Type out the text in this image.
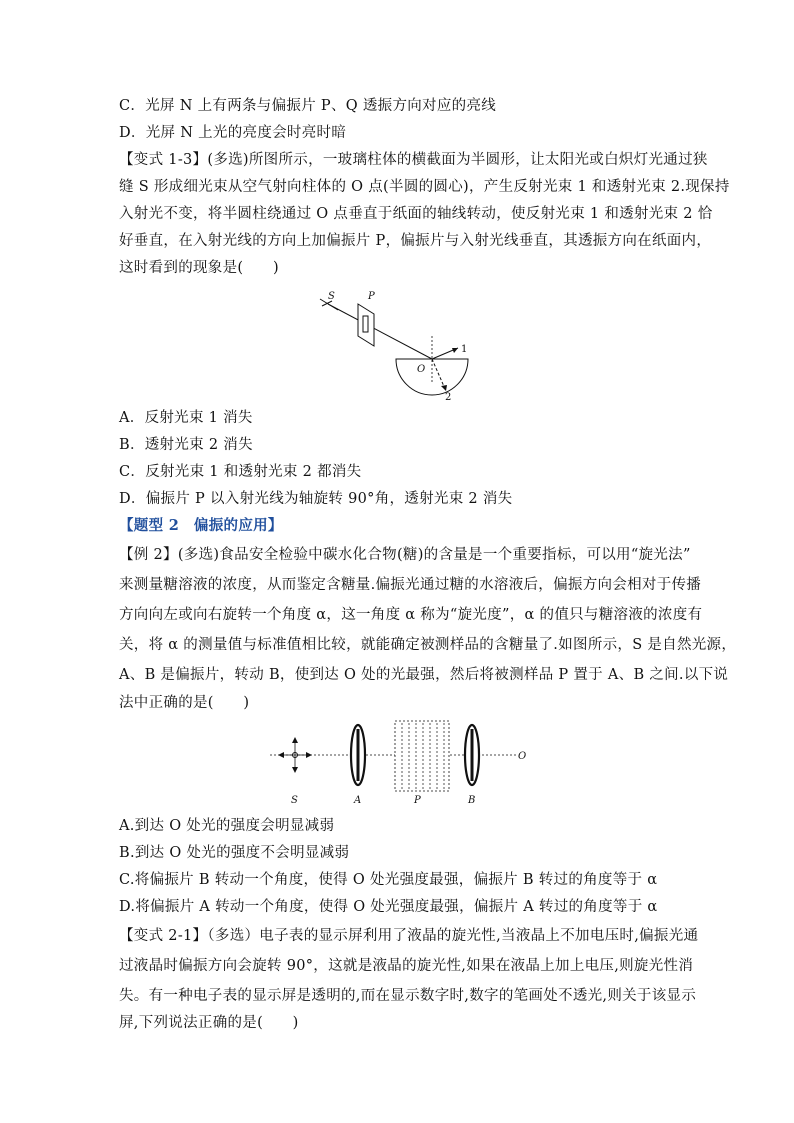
C．光屏 N 上有两条与偏振片 P、Q 透振方向对应的亮线
D．光屏 N 上光的亮度会时亮时暗
【变式 1-3】(多选)所图所示，一玻璃柱体的横截面为半圆形，让太阳光或白炽灯光通过狭
缝 S 形成细光束从空气射向柱体的 O 点(半圆的圆心)，产生反射光束 1 和透射光束 2.现保持
入射光不变，将半圆柱绕通过 O 点垂直于纸面的轴线转动，使反射光束 1 和透射光束 2 恰
好垂直，在入射光线的方向上加偏振片 P，偏振片与入射光线垂直，其透振方向在纸面内，
这时看到的现象是(　　)
S	P
O
1
2
A．反射光束 1 消失
B．透射光束 2 消失
C．反射光束 1 和透射光束 2 都消失
D．偏振片 P 以入射光线为轴旋转 90°角，透射光束 2 消失
【题型 2　偏振的应用】
【例 2】(多选)食品安全检验中碳水化合物(糖)的含量是一个重要指标，可以用“旋光法”
来测量糖溶液的浓度，从而鉴定含糖量.偏振光通过糖的水溶液后，偏振方向会相对于传播
方向向左或向右旋转一个角度 α，这一角度 α 称为“旋光度”，α 的值只与糖溶液的浓度有
关，将 α 的测量值与标准值相比较，就能确定被测样品的含糖量了.如图所示，S 是自然光源，
A、B 是偏振片，转动 B，使到达 O 处的光最强，然后将被测样品 P 置于 A、B 之间.以下说
法中正确的是(　　)
O
S	A	P	B
A.到达 O 处光的强度会明显减弱
B.到达 O 处光的强度不会明显减弱
C.将偏振片 B 转动一个角度，使得 O 处光强度最强，偏振片 B 转过的角度等于 α
D.将偏振片 A 转动一个角度，使得 O 处光强度最强，偏振片 A 转过的角度等于 α
【变式 2-1】（多选）电子表的显示屏利用了液晶的旋光性,当液晶上不加电压时,偏振光通
过液晶时偏振方向会旋转 90°，这就是液晶的旋光性,如果在液晶上加上电压,则旋光性消
失。有一种电子表的显示屏是透明的,而在显示数字时,数字的笔画处不透光,则关于该显示
屏,下列说法正确的是(　　)
